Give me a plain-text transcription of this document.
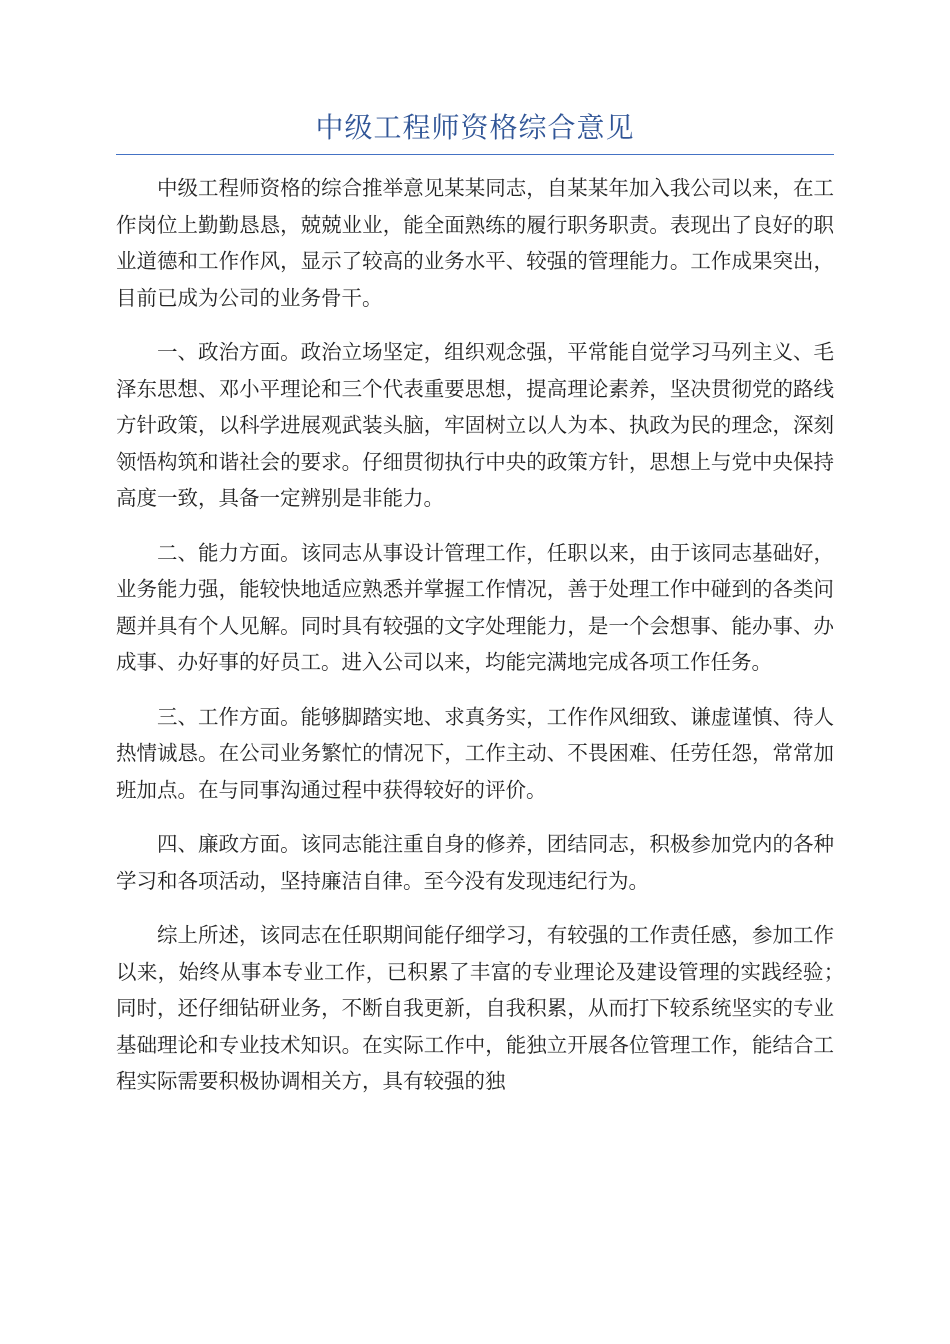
中级工程师资格综合意见

中级工程师资格的综合推举意见某某同志，自某某年加入我公司以来，在工作岗位上勤勤恳恳，兢兢业业，能全面熟练的履行职务职责。表现出了良好的职业道德和工作作风，显示了较高的业务水平、较强的管理能力。工作成果突出，目前已成为公司的业务骨干。

一、政治方面。政治立场坚定，组织观念强，平常能自觉学习马列主义、毛泽东思想、邓小平理论和三个代表重要思想，提高理论素养，坚决贯彻党的路线方针政策，以科学进展观武装头脑，牢固树立以人为本、执政为民的理念，深刻领悟构筑和谐社会的要求。仔细贯彻执行中央的政策方针，思想上与党中央保持高度一致，具备一定辨别是非能力。

二、能力方面。该同志从事设计管理工作，任职以来，由于该同志基础好，业务能力强，能较快地适应熟悉并掌握工作情况，善于处理工作中碰到的各类问题并具有个人见解。同时具有较强的文字处理能力，是一个会想事、能办事、办成事、办好事的好员工。进入公司以来，均能完满地完成各项工作任务。

三、工作方面。能够脚踏实地、求真务实，工作作风细致、谦虚谨慎、待人热情诚恳。在公司业务繁忙的情况下，工作主动、不畏困难、任劳任怨，常常加班加点。在与同事沟通过程中获得较好的评价。

四、廉政方面。该同志能注重自身的修养，团结同志，积极参加党内的各种学习和各项活动，坚持廉洁自律。至今没有发现违纪行为。

综上所述，该同志在任职期间能仔细学习，有较强的工作责任感，参加工作以来，始终从事本专业工作，已积累了丰富的专业理论及建设管理的实践经验；　同时，还仔细钻研业务，不断自我更新，自我积累，从而打下较系统坚实的专业基础理论和专业技术知识。在实际工作中，能独立开展各位管理工作，能结合工程实际需要积极协调相关方，具有较强的独
